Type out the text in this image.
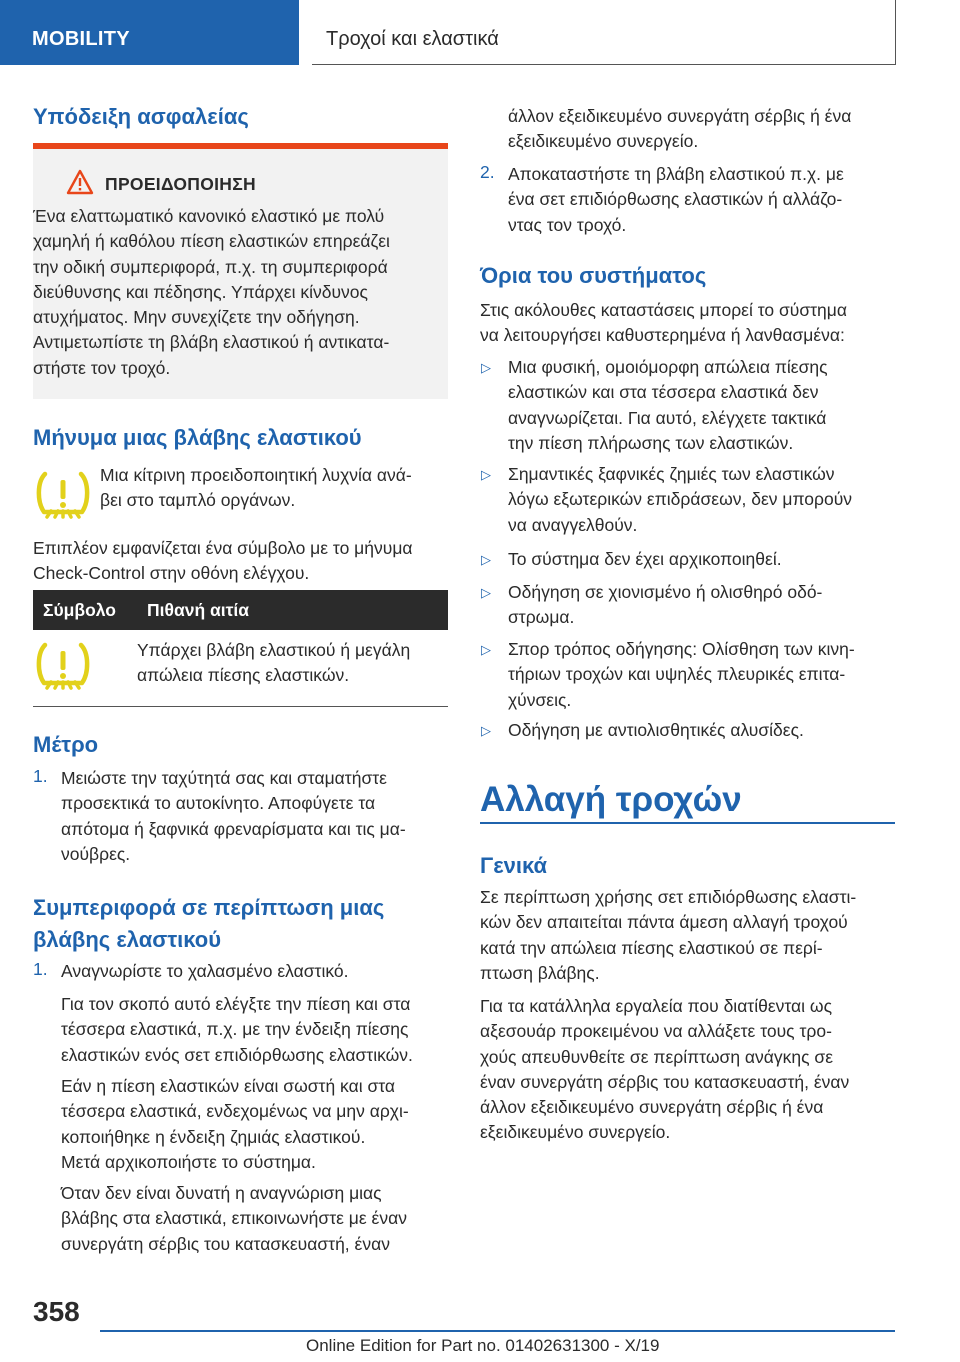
MOBILITY	Τροχοί και ελαστικά
Υπόδειξη ασφαλείας
ΠΡΟΕΙΔΟΠΟΙΗΣΗ
Ένα ελαττωματικό κανονικό ελαστικό με πολύ
χαμηλή ή καθόλου πίεση ελαστικών επηρεάζει
την οδική συμπεριφορά, π.χ. τη συμπεριφορά
διεύθυνσης και πέδησης. Υπάρχει κίνδυνος
ατυχήματος. Μην συνεχίζετε την οδήγηση.
Αντιμετωπίστε τη βλάβη ελαστικού ή αντικατα-
στήστε τον τροχό.
Μήνυμα μιας βλάβης ελαστικού
Μια κίτρινη προειδοποιητική λυχνία ανά-
βει στο ταμπλό οργάνων.
Επιπλέον εμφανίζεται ένα σύμβολο με το μήνυμα
Check-Control στην οθόνη ελέγχου.
Σύμβολο Πιθανή αιτία
Υπάρχει βλάβη ελαστικού ή μεγάλη
απώλεια πίεσης ελαστικών.
Μέτρο
1. Μειώστε την ταχύτητά σας και σταματήστε
προσεκτικά το αυτοκίνητο. Αποφύγετε τα
απότομα ή ξαφνικά φρεναρίσματα και τις μα-
νούβρες.
Συμπεριφορά σε περίπτωση μιας
βλάβης ελαστικού
1. Αναγνωρίστε το χαλασμένο ελαστικό.
Για τον σκοπό αυτό ελέγξτε την πίεση και στα
τέσσερα ελαστικά, π.χ. με την ένδειξη πίεσης
ελαστικών ενός σετ επιδιόρθωσης ελαστικών.
Εάν η πίεση ελαστικών είναι σωστή και στα
τέσσερα ελαστικά, ενδεχομένως να μην αρχι-
κοποιήθηκε η ένδειξη ζημιάς ελαστικού.
Μετά αρχικοποιήστε το σύστημα.
Όταν δεν είναι δυνατή η αναγνώριση μιας
βλάβης στα ελαστικά, επικοινωνήστε με έναν
συνεργάτη σέρβις του κατασκευαστή, έναν
άλλον εξειδικευμένο συνεργάτη σέρβις ή ένα
εξειδικευμένο συνεργείο.
2. Αποκαταστήστε τη βλάβη ελαστικού π.χ. με
ένα σετ επιδιόρθωσης ελαστικών ή αλλάζο-
ντας τον τροχό.
Όρια του συστήματος
Στις ακόλουθες καταστάσεις μπορεί το σύστημα
να λειτουργήσει καθυστερημένα ή λανθασμένα:
▷ Μια φυσική, ομοιόμορφη απώλεια πίεσης
ελαστικών και στα τέσσερα ελαστικά δεν
αναγνωρίζεται. Για αυτό, ελέγχετε τακτικά
την πίεση πλήρωσης των ελαστικών.
▷ Σημαντικές ξαφνικές ζημιές των ελαστικών
λόγω εξωτερικών επιδράσεων, δεν μπορούν
να αναγγελθούν.
▷ Το σύστημα δεν έχει αρχικοποιηθεί.
▷ Οδήγηση σε χιονισμένο ή ολισθηρό οδό-
στρωμα.
▷ Σπορ τρόπος οδήγησης: Ολίσθηση των κινη-
τήριων τροχών και υψηλές πλευρικές επιτα-
χύνσεις.
▷ Οδήγηση με αντιολισθητικές αλυσίδες.
Αλλαγή τροχών
Γενικά
Σε περίπτωση χρήσης σετ επιδιόρθωσης ελαστι-
κών δεν απαιτείται πάντα άμεση αλλαγή τροχού
κατά την απώλεια πίεσης ελαστικού σε περί-
πτωση βλάβης.
Για τα κατάλληλα εργαλεία που διατίθενται ως
αξεσουάρ προκειμένου να αλλάξετε τους τρο-
χούς απευθυνθείτε σε περίπτωση ανάγκης σε
έναν συνεργάτη σέρβις του κατασκευαστή, έναν
άλλον εξειδικευμένο συνεργάτη σέρβις ή ένα
εξειδικευμένο συνεργείο.
358
Online Edition for Part no. 01402631300 - X/19
